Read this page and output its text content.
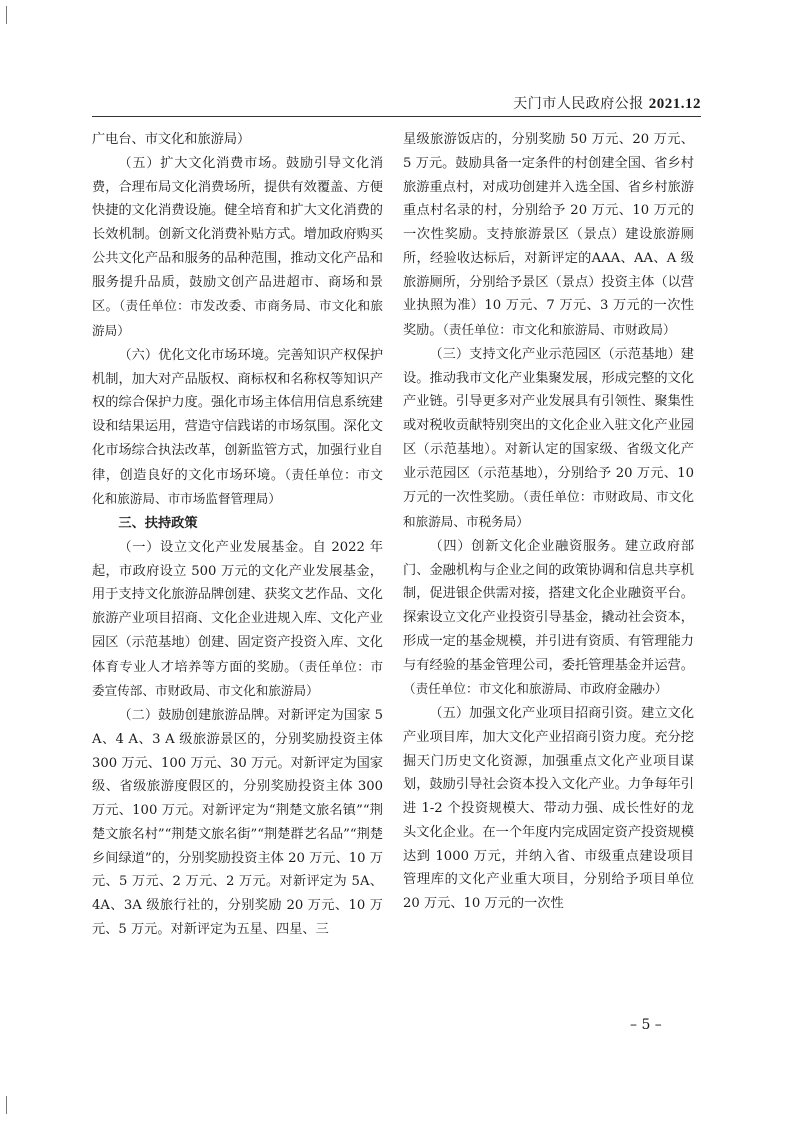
天门市人民政府公报 2021.12

广电台、市文化和旅游局）

（五）扩大文化消费市场。鼓励引导文化消费，合理布局文化消费场所，提供有效覆盖、方便快捷的文化消费设施。健全培育和扩大文化消费的长效机制。创新文化消费补贴方式。增加政府购买公共文化产品和服务的品种范围，推动文化产品和服务提升品质，鼓励文创产品进超市、商场和景区。（责任单位：市发改委、市商务局、市文化和旅游局）

（六）优化文化市场环境。完善知识产权保护机制，加大对产品版权、商标权和名称权等知识产权的综合保护力度。强化市场主体信用信息系统建设和结果运用，营造守信践诺的市场氛围。深化文化市场综合执法改革，创新监管方式，加强行业自律，创造良好的文化市场环境。（责任单位：市文化和旅游局、市市场监督管理局）

三、扶持政策

（一）设立文化产业发展基金。自 2022 年起，市政府设立 500 万元的文化产业发展基金，用于支持文化旅游品牌创建、获奖文艺作品、文化旅游产业项目招商、文化企业进规入库、文化产业园区（示范基地）创建、固定资产投资入库、文化体育专业人才培养等方面的奖励。（责任单位：市委宣传部、市财政局、市文化和旅游局）

（二）鼓励创建旅游品牌。对新评定为国家 5 A、4 A、3 A 级旅游景区的，分别奖励投资主体 300 万元、100 万元、30 万元。对新评定为国家级、省级旅游度假区的，分别奖励投资主体 300 万元、100 万元。对新评定为“荆楚文旅名镇”“荆楚文旅名村”“荆楚文旅名街”“荆楚群艺名品”“荆楚乡间绿道”的，分别奖励投资主体 20 万元、10 万元、5 万元、2 万元、2 万元。对新评定为 5A、4A、3A 级旅行社的，分别奖励 20 万元、10 万元、5 万元。对新评定为五星、四星、三

星级旅游饭店的，分别奖励 50 万元、20 万元、5 万元。鼓励具备一定条件的村创建全国、省乡村旅游重点村，对成功创建并入选全国、省乡村旅游重点村名录的村，分别给予 20 万元、10 万元的一次性奖励。支持旅游景区（景点）建设旅游厕所，经验收达标后，对新评定的AAA、AA、A 级旅游厕所，分别给予景区（景点）投资主体（以营业执照为准）10 万元、7 万元、3 万元的一次性奖励。（责任单位：市文化和旅游局、市财政局）

（三）支持文化产业示范园区（示范基地）建设。推动我市文化产业集聚发展，形成完整的文化产业链。引导更多对产业发展具有引领性、聚集性或对税收贡献特别突出的文化企业入驻文化产业园区（示范基地）。对新认定的国家级、省级文化产业示范园区（示范基地），分别给予 20 万元、10 万元的一次性奖励。（责任单位：市财政局、市文化和旅游局、市税务局）

（四）创新文化企业融资服务。建立政府部门、金融机构与企业之间的政策协调和信息共享机制，促进银企供需对接，搭建文化企业融资平台。探索设立文化产业投资引导基金，撬动社会资本，形成一定的基金规模，并引进有资质、有管理能力与有经验的基金管理公司，委托管理基金并运营。（责任单位：市文化和旅游局、市政府金融办）

（五）加强文化产业项目招商引资。建立文化产业项目库，加大文化产业招商引资力度。充分挖掘天门历史文化资源，加强重点文化产业项目谋划，鼓励引导社会资本投入文化产业。力争每年引进 1-2 个投资规模大、带动力强、成长性好的龙头文化企业。在一个年度内完成固定资产投资规模达到 1000 万元，并纳入省、市级重点建设项目管理库的文化产业重大项目，分别给予项目单位 20 万元、10 万元的一次性

– 5 –
